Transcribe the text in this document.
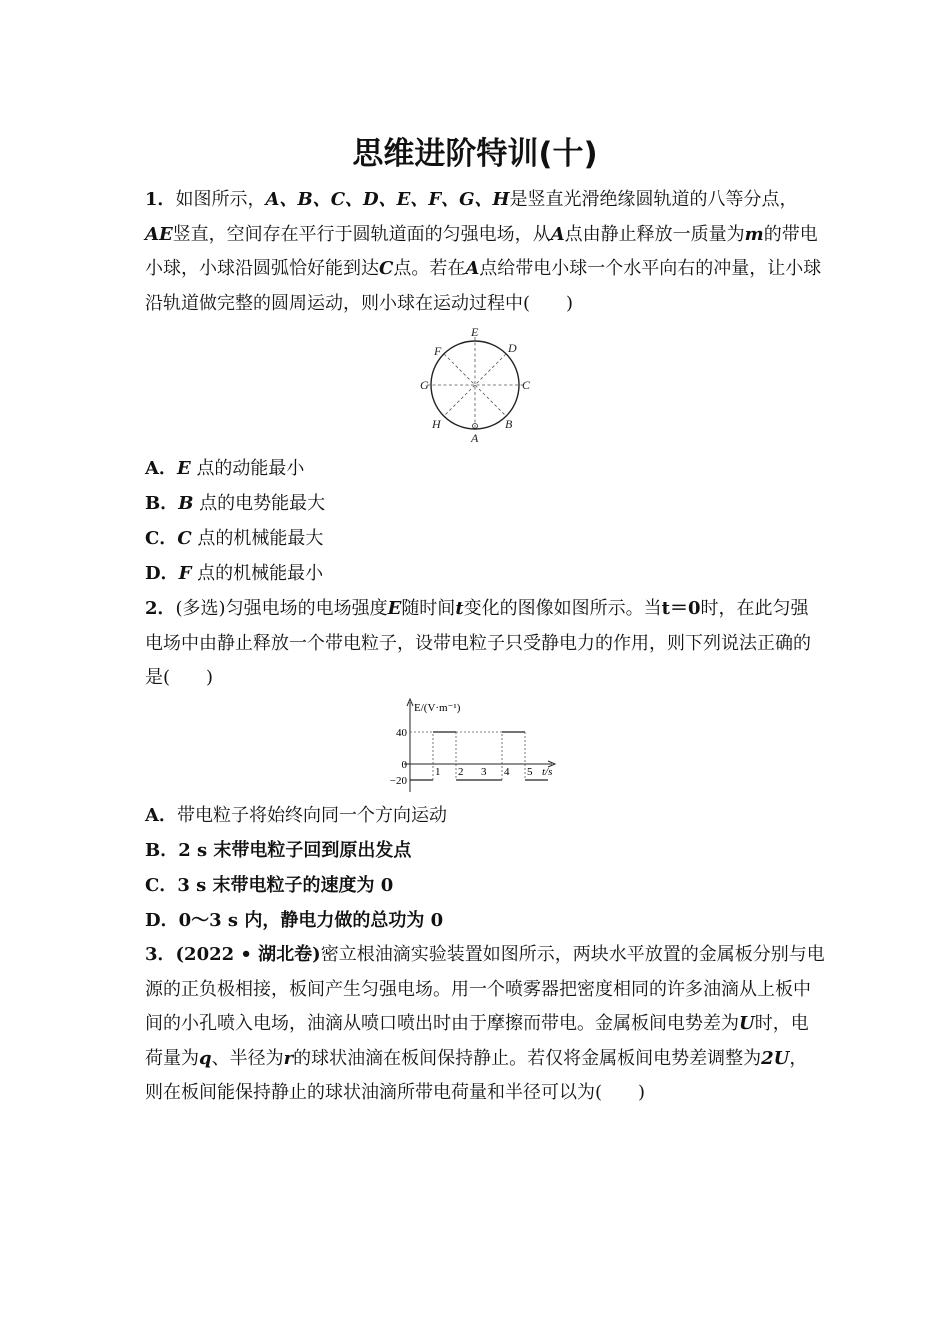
思维进阶特训(十)
1．如图所示，A、B、C、D、E、F、G、H是竖直光滑绝缘圆轨道的八等分点，AE竖直，空间存在平行于圆轨道面的匀强电场，从A点由静止释放一质量为m的带电小球，小球沿圆弧恰好能到达C点。若在A点给带电小球一个水平向右的冲量，让小球沿轨道做完整的圆周运动，则小球在运动过程中(　　)
E
D
F
G	C
H	B
A
A．E 点的动能最小
B．B 点的电势能最大
C．C 点的机械能最大
D．F 点的机械能最小
2．(多选)匀强电场的电场强度E随时间t变化的图像如图所示。当t＝0时，在此匀强电场中由静止释放一个带电粒子，设带电粒子只受静电力的作用，则下列说法正确的是(　　)
E/(V·m⁻¹)
t/s
1 2 3 4 5
40
0
−20
A．带电粒子将始终向同一个方向运动
B．2 s 末带电粒子回到原出发点
C．3 s 末带电粒子的速度为 0
D．0～3 s 内，静电力做的总功为 0
3．(2022 • 湖北卷)密立根油滴实验装置如图所示，两块水平放置的金属板分别与电源的正负极相接，板间产生匀强电场。用一个喷雾器把密度相同的许多油滴从上板中间的小孔喷入电场，油滴从喷口喷出时由于摩擦而带电。金属板间电势差为U时，电荷量为q、半径为r的球状油滴在板间保持静止。若仅将金属板间电势差调整为2U，则在板间能保持静止的球状油滴所带电荷量和半径可以为(　　)
